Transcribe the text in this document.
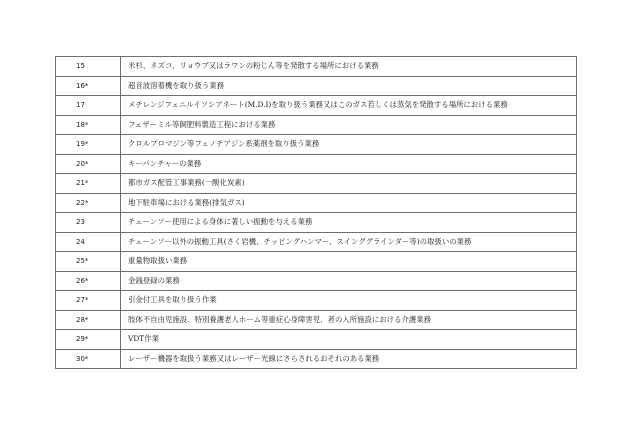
15	米杉、ネズコ、リョウブ又はラワンの粉じん等を発散する場所における業務
16*	超音波溶着機を取り扱う業務
17	メチレンジフェニルイソシアネート(M.D.I)を取り扱う業務又はこのガス若しくは蒸気を発散する場所における業務
18*	フェザーミル等飼肥料製造工程における業務
19*	クロルプロマジン等フェノチアジン系薬剤を取り扱う業務
20*	キーパンチャーの業務
21*	都市ガス配管工事業務(一酸化炭素)
22*	地下駐車場における業務(排気ガス)
23	チェーンソー使用による身体に著しい振動を与える業務
24	チェーンソー以外の振動工具(さく岩機、チッピングハンマー、スインググラインダー等)の取扱いの業務
25*	重量物取扱い業務
26*	金銭登録の業務
27*	引金付工具を取り扱う作業
28*	肢体不自由児施設、特別養護老人ホーム等重症心身障害児、者の入所施設における介護業務
29*	VDT作業
30*	レーザー機器を取扱う業務又はレーザー光線にさらされるおそれのある業務
